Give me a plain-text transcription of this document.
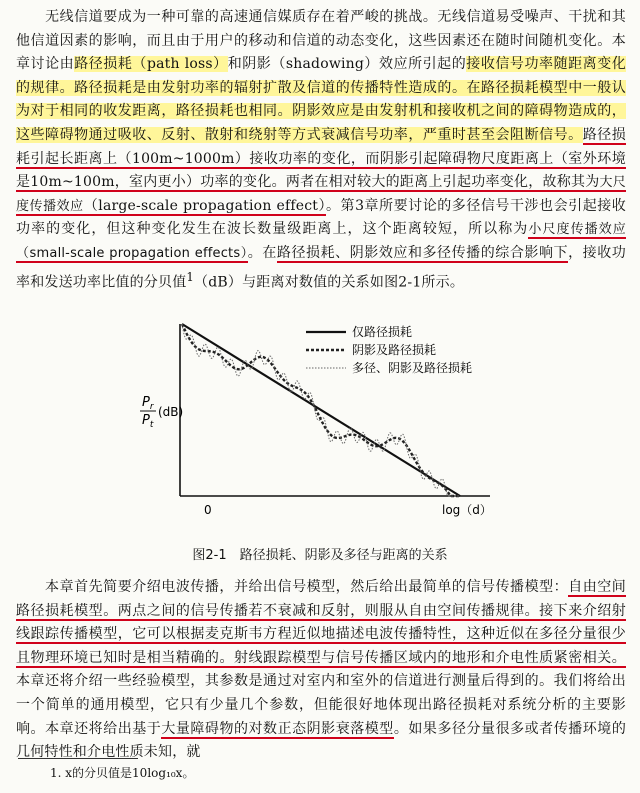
　　无线信道要成为一种可靠的高速通信媒质存在着严峻的挑战。无线信道易受噪声、干扰和其他信道因素的影响，而且由于用户的移动和信道的动态变化，这些因素还在随时间随机变化。本章讨论由路径损耗（path loss）和阴影（shadowing）效应所引起的接收信号功率随距离变化的规律。路径损耗是由发射功率的辐射扩散及信道的传播特性造成的。在路径损耗模型中一般认为对于相同的收发距离，路径损耗也相同。阴影效应是由发射机和接收机之间的障碍物造成的，这些障碍物通过吸收、反射、散射和绕射等方式衰减信号功率，严重时甚至会阻断信号。路径损耗引起长距离上（100m~1000m）接收功率的变化，而阴影引起障碍物尺度距离上（室外环境是10m~100m，室内更小）功率的变化。两者在相对较大的距离上引起功率变化，故称其为大尺度传播效应（large-scale propagation effect）。第3章所要讨论的多径信号干涉也会引起接收功率的变化，但这种变化发生在波长数量级距离上，这个距离较短，所以称为小尺度传播效应（small-scale propagation effects）。在路径损耗、阴影效应和多径传播的综合影响下，接收功率和发送功率比值的分贝值$^1$（dB）与距离对数值的关系如图2-1所示。
仅路径损耗
阴影及路径损耗
多径、阴影及路径损耗
$P_r$
$P_t$
(dB)
0	log（d）
图2-1　路径损耗、阴影及多径与距离的关系
　　本章首先简要介绍电波传播，并给出信号模型，然后给出最简单的信号传播模型：自由空间路径损耗模型。两点之间的信号传播若不衰减和反射，则服从自由空间传播规律。接下来介绍射线跟踪传播模型，它可以根据麦克斯韦方程近似地描述电波传播特性，这种近似在多径分量很少且物理环境已知时是相当精确的。射线跟踪模型与信号传播区域内的地形和介电性质紧密相关。本章还将介绍一些经验模型，其参数是通过对室内和室外的信道进行测量后得到的。我们将给出一个简单的通用模型，它只有少量几个参数，但能很好地体现出路径损耗对系统分析的主要影响。本章还将给出基于大量障碍物的对数正态阴影衰落模型。如果多径分量很多或者传播环境的几何特性和介电性质未知，就
1. x的分贝值是10log₁₀x。
